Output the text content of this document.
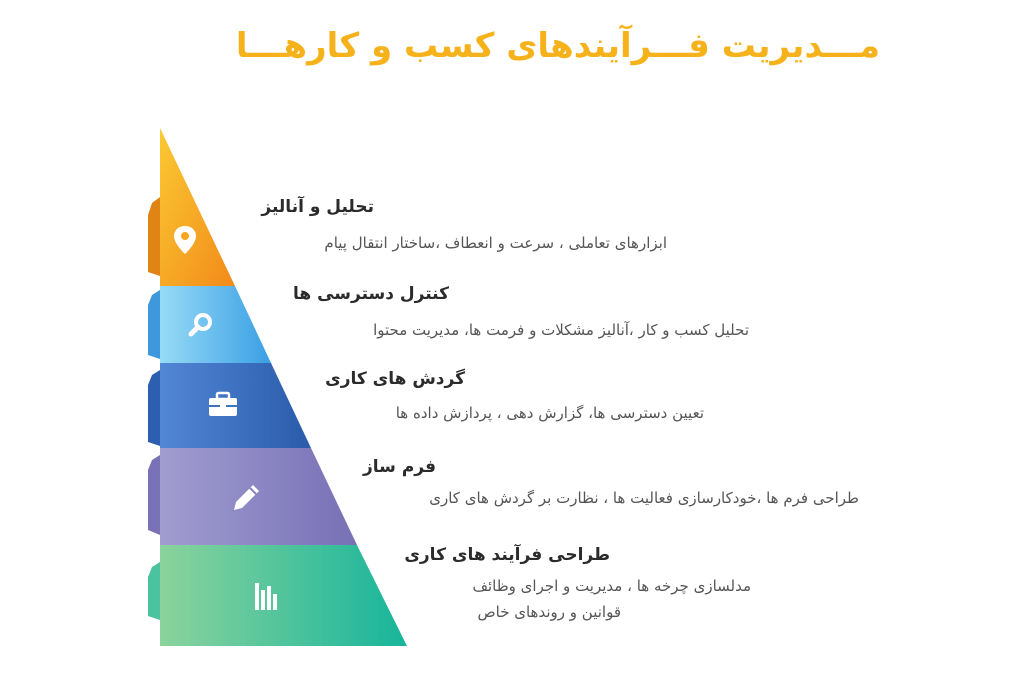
مـــدیریت فـــرآیندهای کسب و کارهـــا
تحلیل و آنالیز
ابزارهای تعاملی ، سرعت و انعطاف ،ساختار انتقال پیام
کنترل دسترسی ها
تحلیل کسب و کار ،آنالیز مشکلات و فرمت ها، مدیریت محتوا
گردش های کاری
تعیین دسترسی ها، گزارش دهی ، پردازش داده ها
فرم ساز
طراحی فرم ها ،خودکارسازی فعالیت ها ، نظارت بر گردش های کاری
طراحی فرآیند های کاری
مدلسازی چرخه ها ، مدیریت و اجرای وظائف
قوانین و روندهای خاص
